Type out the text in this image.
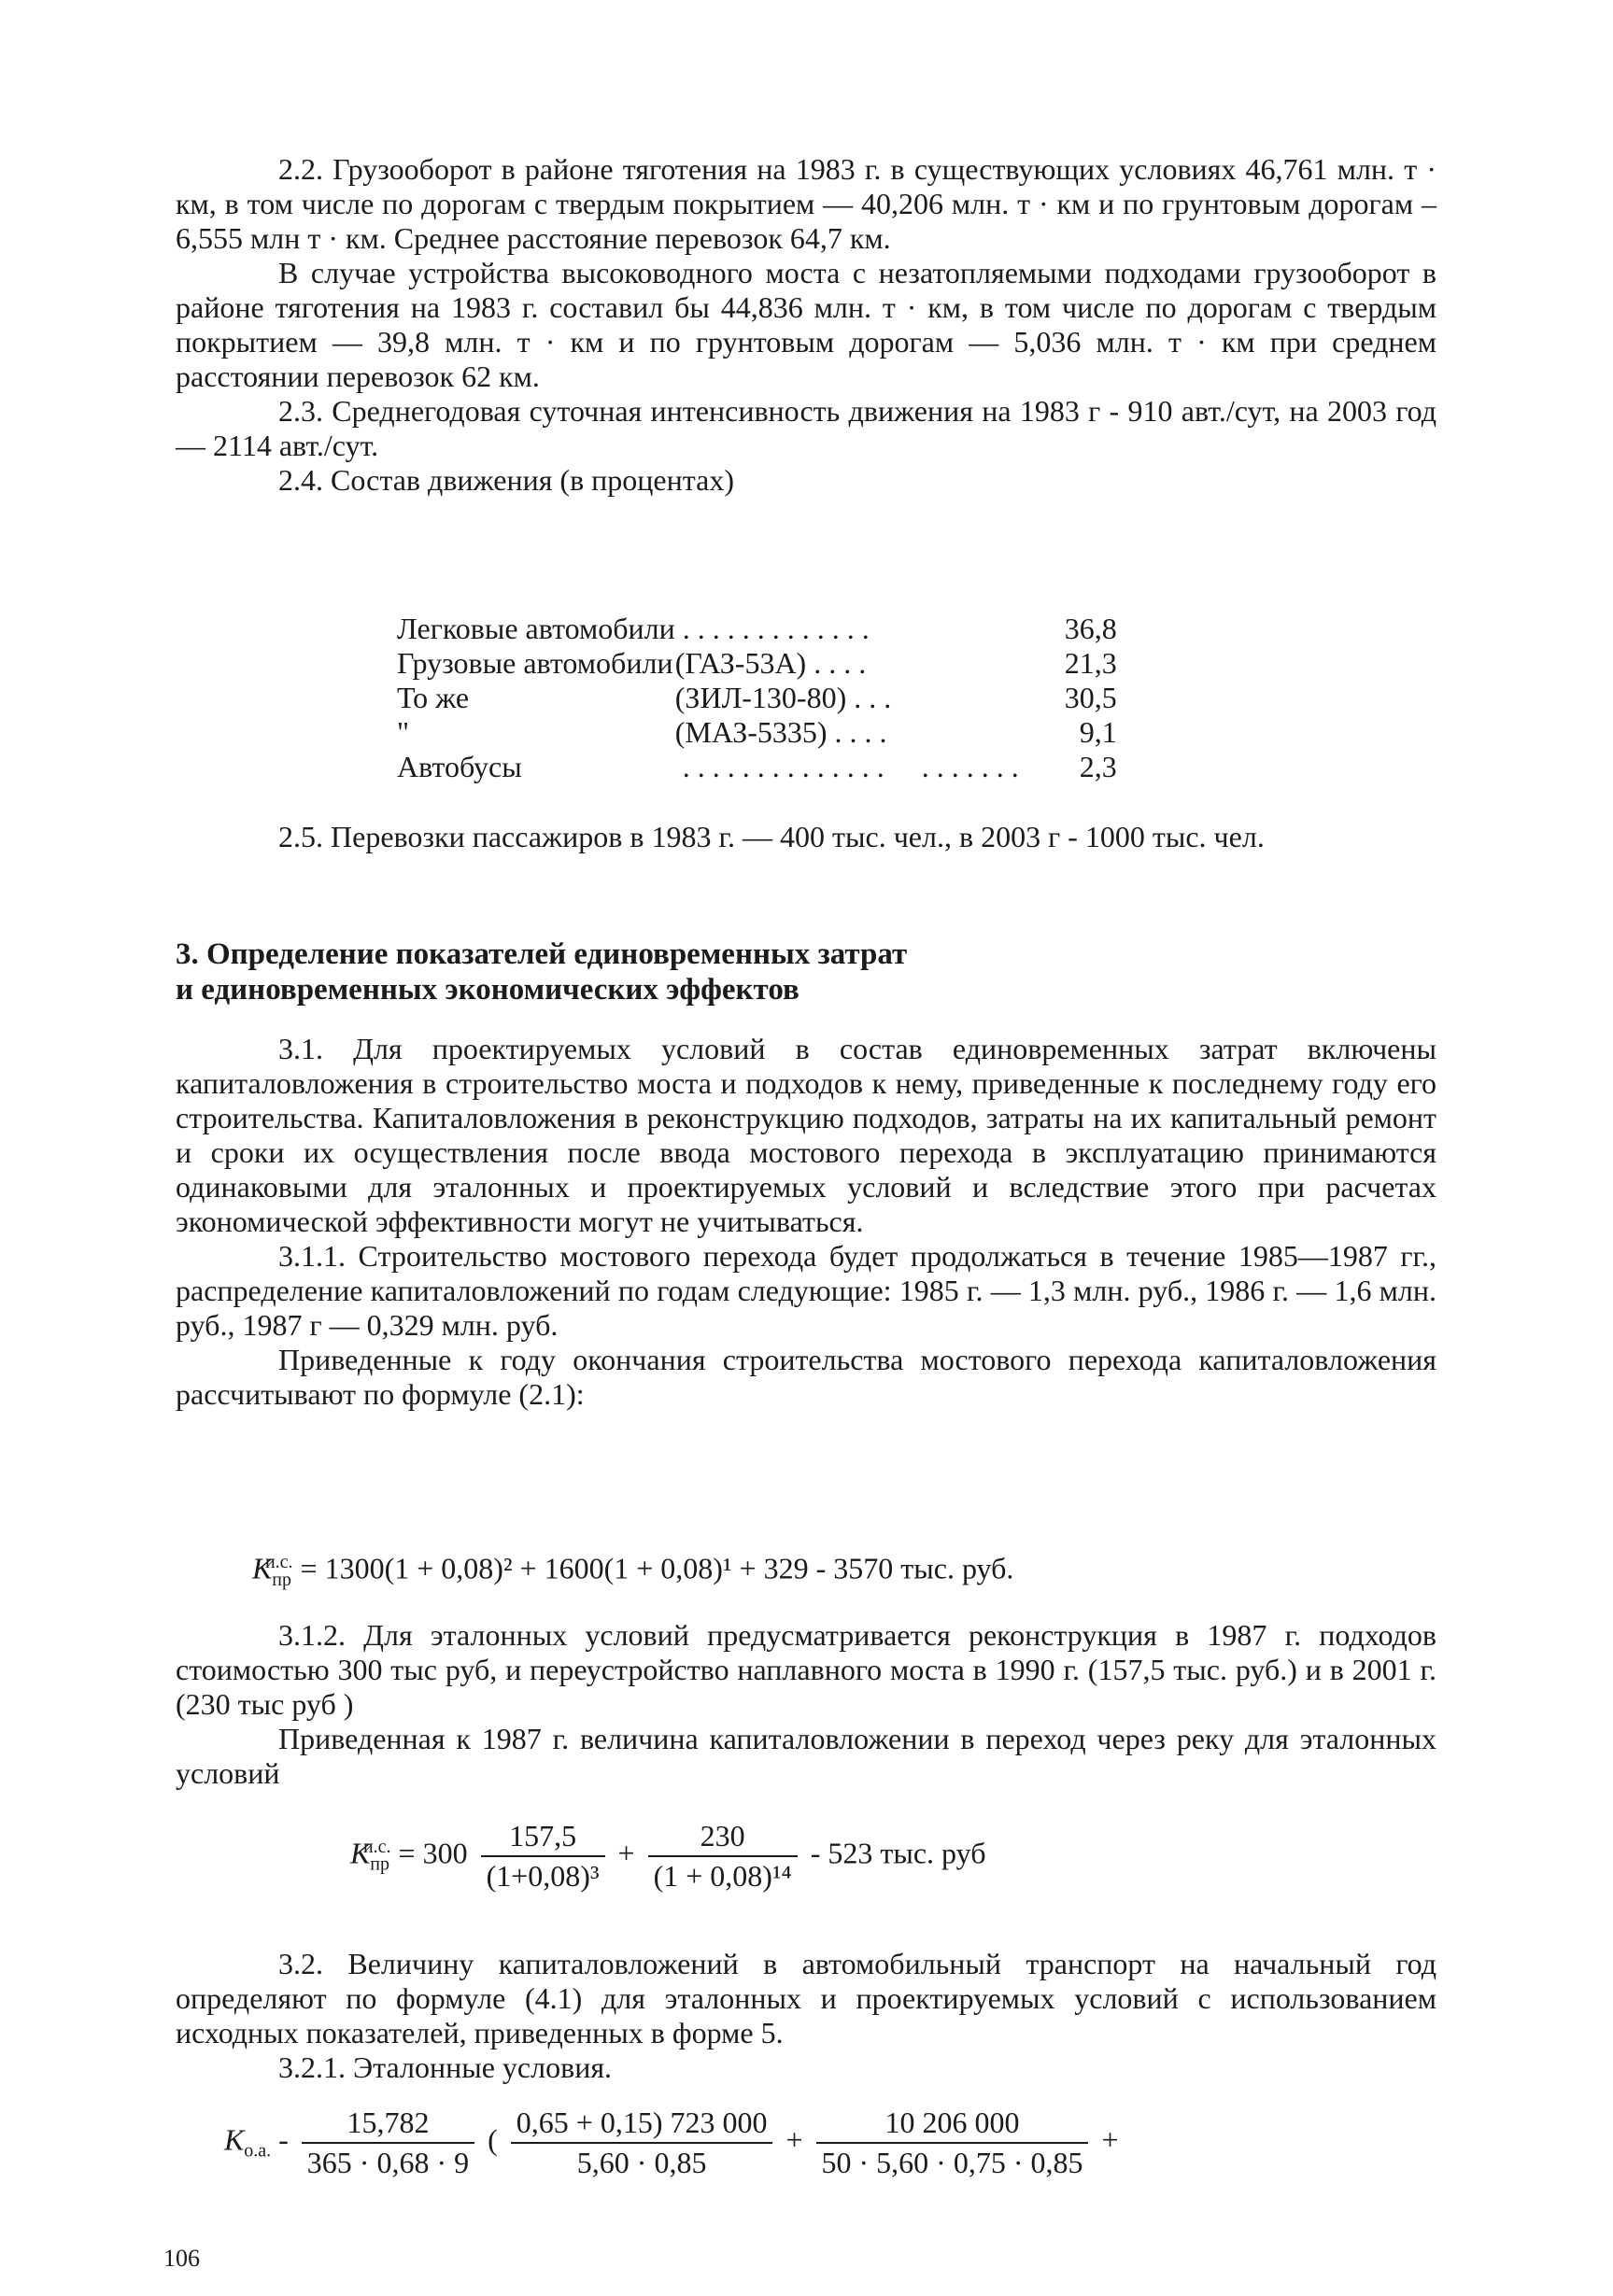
2.2. Грузооборот в районе тяготения на 1983 г. в существующих условиях 46,761 млн. т · км, в том числе по дорогам с твердым покрытием — 40,206 млн. т · км и по грунтовым дорогам – 6,555 млн т · км. Среднее расстояние перевозок 64,7 км.

В случае устройства высоководного моста с незатопляемыми подходами грузооборот в районе тяготения на 1983 г. составил бы 44,836 млн. т · км, в том числе по дорогам с твердым покрытием — 39,8 млн. т · км и по грунтовым дорогам — 5,036 млн. т · км при среднем расстоянии перевозок 62 км.

2.3. Среднегодовая суточная интенсивность движения на 1983 г - 910 авт./сут, на 2003 год — 2114 авт./сут.

2.4. Состав движения (в процентах)

Легковые автомобили	. . . . . . . . . . . . .	36,8
Грузовые автомобили	(ГАЗ-53А) . . . .	21,3
То же	(ЗИЛ-130-80) . . .	30,5
"	(МАЗ-5335) . . . .	9,1
Автобусы	. . . . . . . . . . . . . .     . . . . . . .	2,3

2.5. Перевозки пассажиров в 1983 г. — 400 тыс. чел., в 2003 г - 1000 тыс. чел.

3. Определение показателей единовременных затрат
и единовременных экономических эффектов

3.1. Для проектируемых условий в состав единовременных затрат включены капиталовложения в строительство моста и подходов к нему, приведенные к последнему году его строительства. Капиталовложения в реконструкцию подходов, затраты на их капитальный ремонт и сроки их осуществления после ввода мостового перехода в эксплуатацию принимаются одинаковыми для эталонных и проектируемых условий и вследствие этого при расчетах экономической эффективности могут не учитываться.

3.1.1. Строительство мостового перехода будет продолжаться в течение 1985—1987 гг., распределение капиталовложений по годам следующие: 1985 г. — 1,3 млн. руб., 1986 г. — 1,6 млн. руб., 1987 г — 0,329 млн. руб.

Приведенные к году окончания строительства мостового перехода капиталовложения рассчитывают по формуле (2.1):

$К_{пр}^{и.с.} = 1300(1 + 0,08)^2 + 1600(1 + 0,08)^1 + 329 - 3570$ тыс. руб.

3.1.2. Для эталонных условий предусматривается реконструкция в 1987 г. подходов стоимостью 300 тыс руб, и переустройство наплавного моста в 1990 г. (157,5 тыс. руб.) и в 2001 г. (230 тыс руб )

Приведенная к 1987 г. величина капиталовложении в переход через реку для эталонных условий

$К_{пр}^{и.с.} = 300 \frac{157,5}{\text{(1+0,08)³}} + \frac{230}{\text{(1 + 0,08)¹⁴}} - 523$ тыс. руб

3.2. Величину капиталовложений в автомобильный транспорт на начальный год определяют по формуле (4.1) для эталонных и проектируемых условий с использованием исходных показателей, приведенных в форме 5.

3.2.1. Эталонные условия.

$К_{о.а.} - \frac{15,782}{365 \cdot 0,68 \cdot 9}$ ( $\frac{0,65 + 0,15) 723 000}{5,60 \cdot 0,85} + \frac{10 206 000}{50 \cdot 5,60 \cdot 0,75 \cdot 0,85}$ +
106
